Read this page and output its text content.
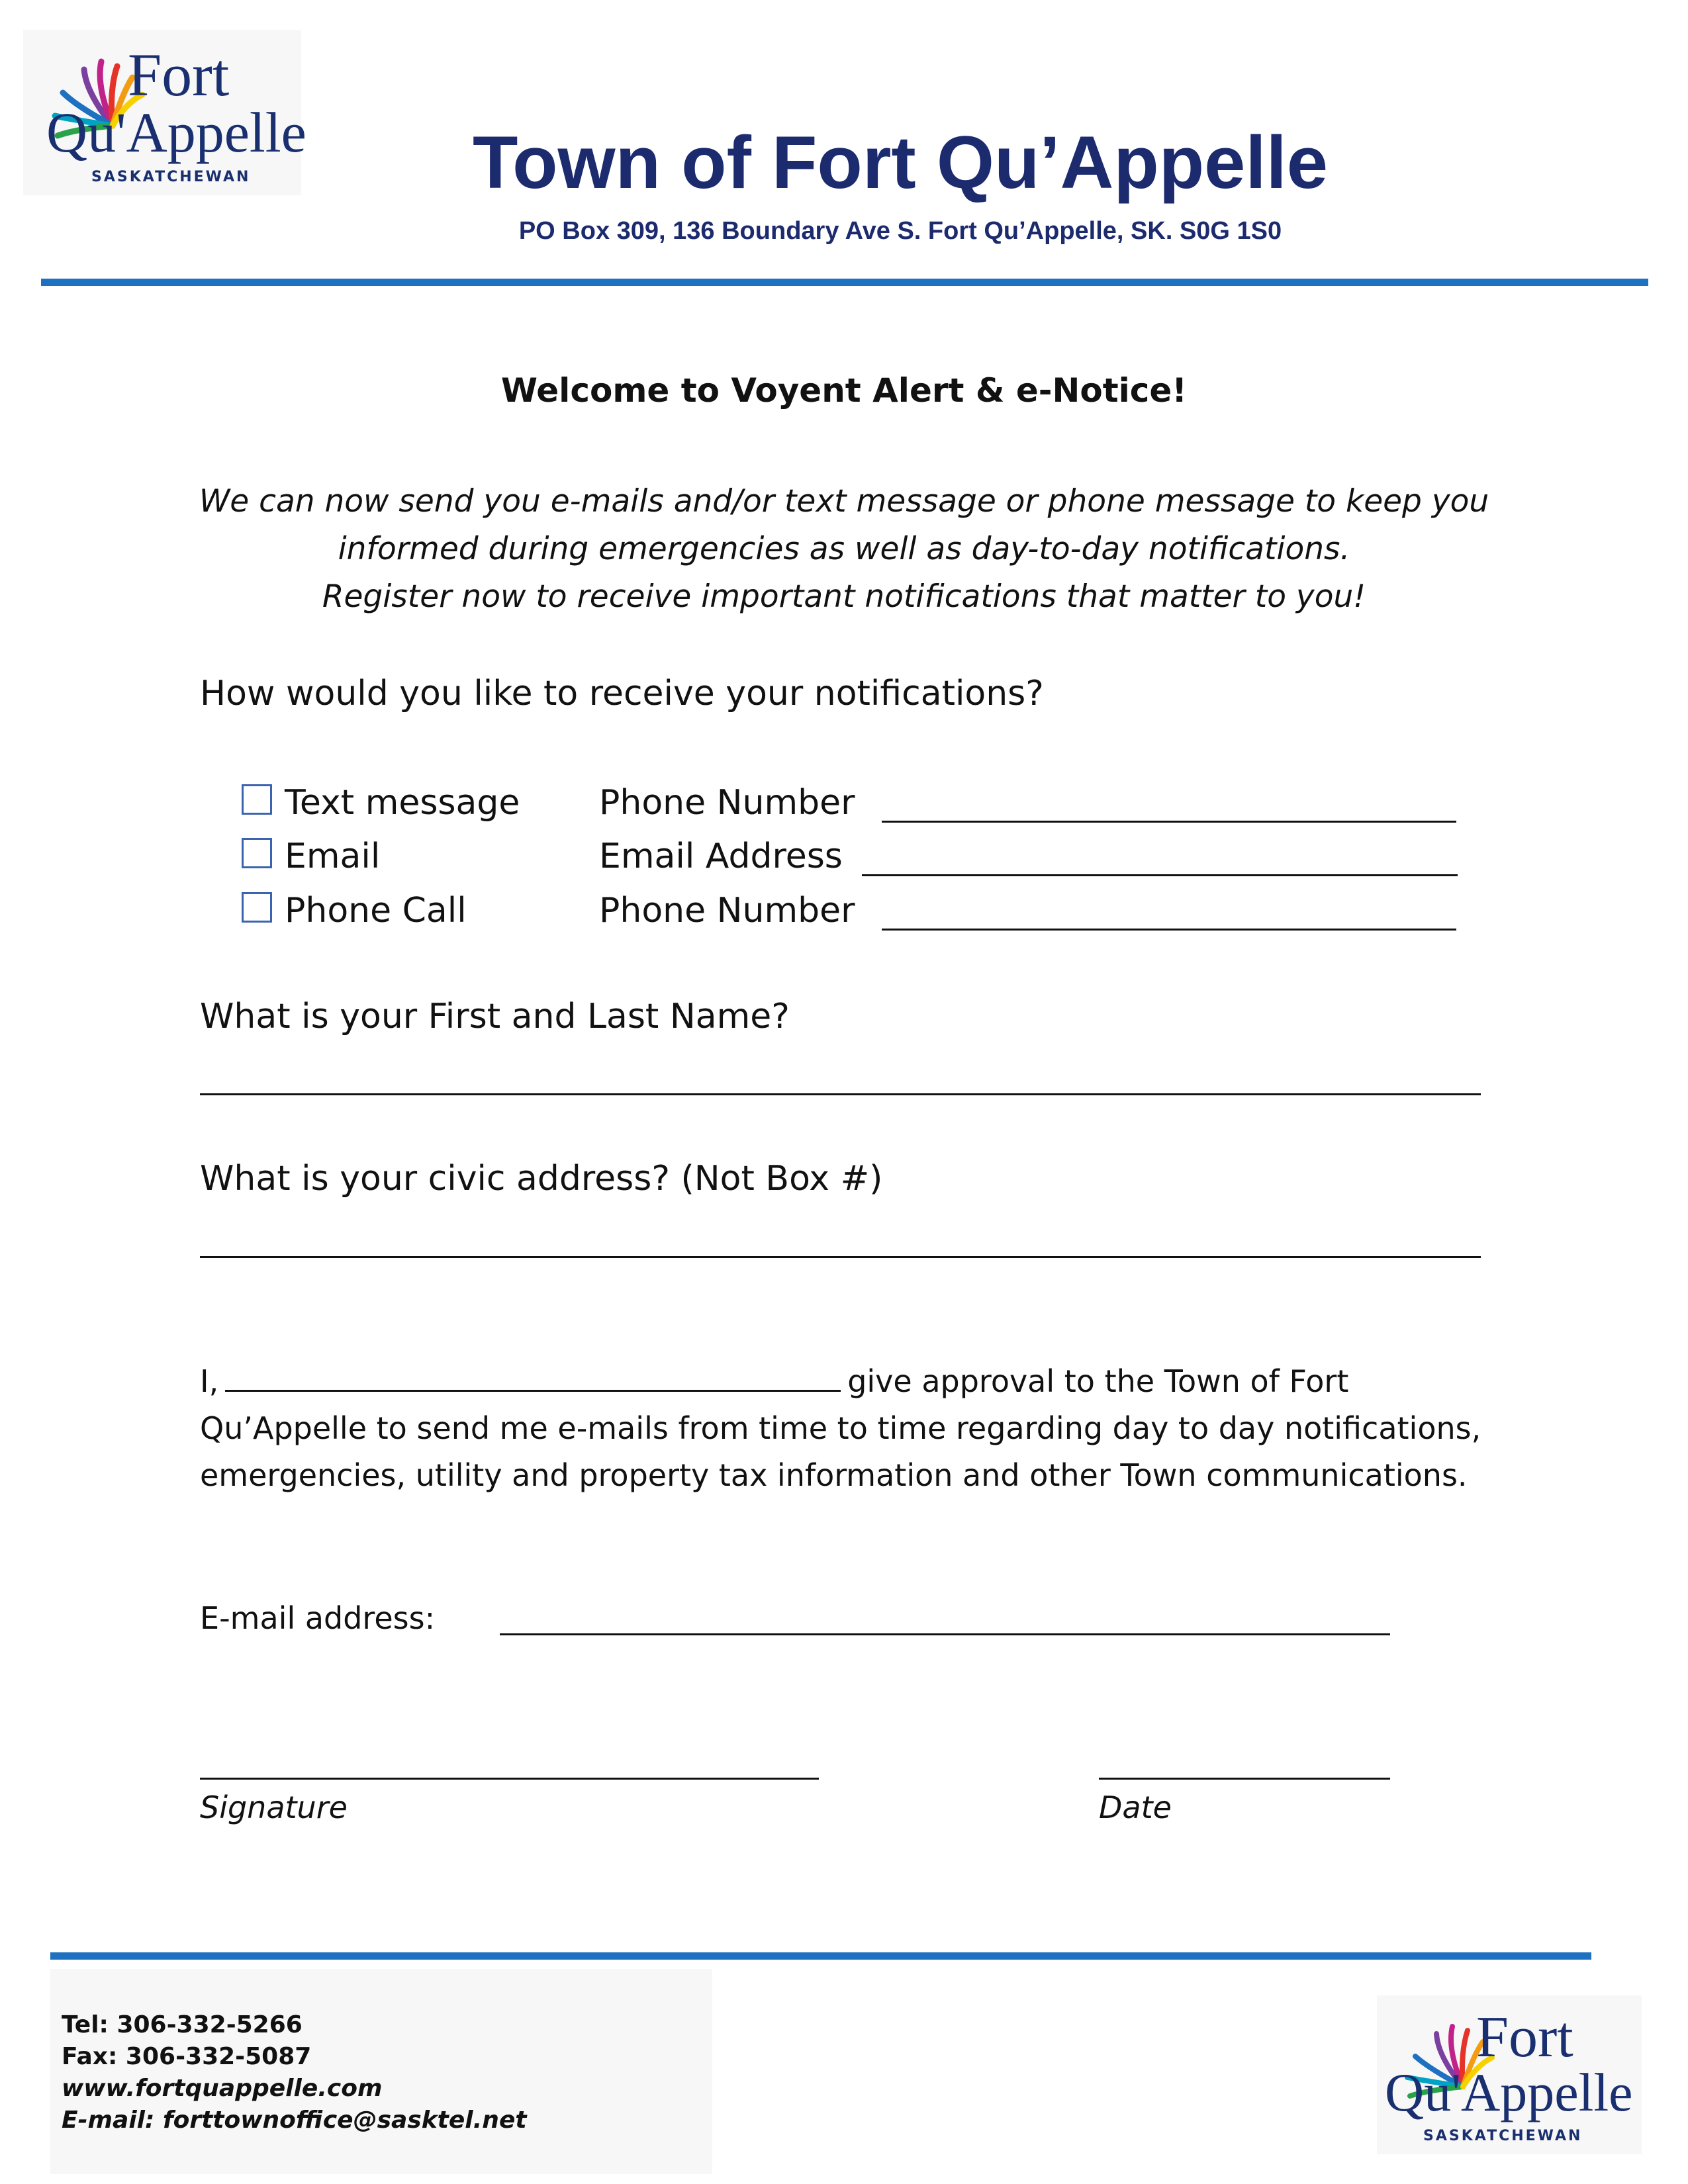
Fort
Qu'Appelle
SASKATCHEWAN	Town of Fort Qu’Appelle
PO Box 309, 136 Boundary Ave S. Fort Qu’Appelle, SK. S0G 1S0
Welcome to Voyent Alert & e-Notice!
We can now send you e-mails and/or text message or phone message to keep you
informed during emergencies as well as day-to-day notifications.
Register now to receive important notifications that matter to you!
How would you like to receive your notifications?
Text message Phone Number
Email	Email Address
Phone Call	Phone Number
What is your First and Last Name?
What is your civic address? (Not Box #)
I,	give approval to the Town of Fort Qu’Appelle to send me e-mails from time to time regarding day to day notifications, emergencies, utility and property tax information and other Town communications.
E-mail address:
Signature	Date
Tel: 306-332-5266
Fax: 306-332-5087
www.fortquappelle.com
E-mail: forttownoffice@sasktel.net
Fort
Qu'Appelle
SASKATCHEWAN
